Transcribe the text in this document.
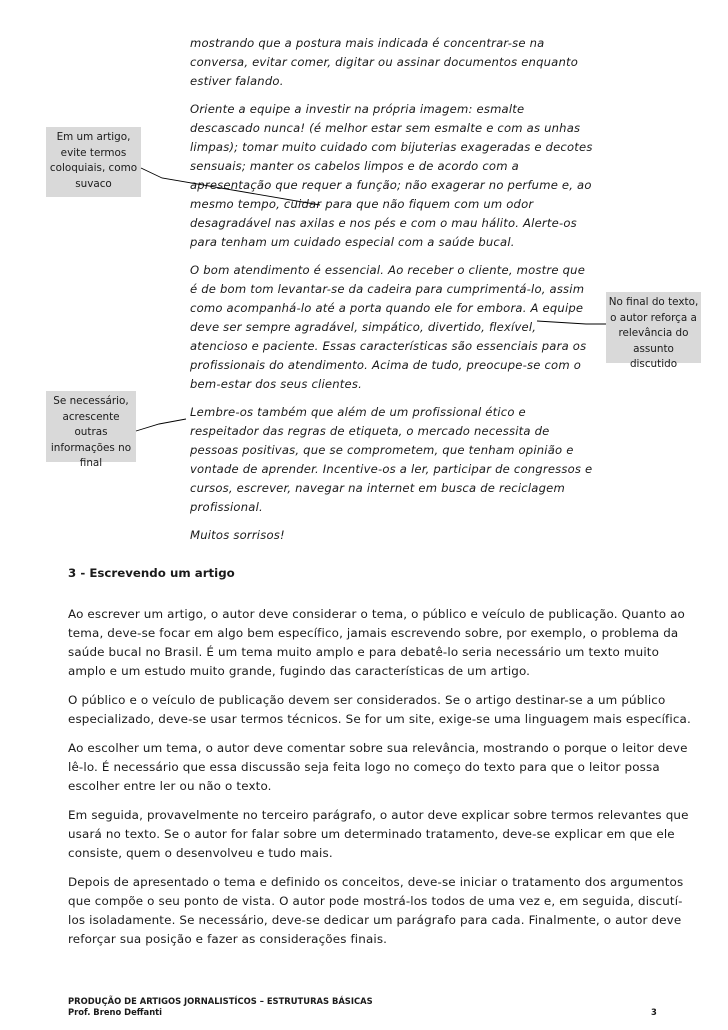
mostrando que a postura mais indicada é concentrar-se na conversa, evitar comer, digitar ou assinar documentos enquanto estiver falando.

Oriente a equipe a investir na própria imagem: esmalte descascado nunca! (é melhor estar sem esmalte e com as unhas limpas); tomar muito cuidado com bijuterias exageradas e decotes sensuais; manter os cabelos limpos e de acordo com a apresentação que requer a função; não exagerar no perfume e, ao mesmo tempo, cuidar para que não fiquem com um odor desagradável nas axilas e nos pés e com o mau hálito. Alerte-os para tenham um cuidado especial com a saúde bucal.

O bom atendimento é essencial. Ao receber o cliente, mostre que é de bom tom levantar-se da cadeira para cumprimentá-lo, assim como acompanhá-lo até a porta quando ele for embora. A equipe deve ser sempre agradável, simpático, divertido, flexível, atencioso e paciente. Essas características são essenciais para os profissionais do atendimento. Acima de tudo, preocupe-se com o bem-estar dos seus clientes.

Lembre-os também que além de um profissional ético e respeitador das regras de etiqueta, o mercado necessita de pessoas positivas, que se comprometem, que tenham opinião e vontade de aprender. Incentive-os a ler, participar de congressos e cursos, escrever, navegar na internet em busca de reciclagem profissional.

Muitos sorrisos!

Em um artigo, evite termos coloquiais, como suvaco
Se necessário, acrescente outras informações no final
No final do texto, o autor reforça a relevância do assunto discutido
3 - Escrevendo um artigo

Ao escrever um artigo, o autor deve considerar o tema, o público e veículo de publicação. Quanto ao tema, deve-se focar em algo bem específico, jamais escrevendo sobre, por exemplo, o problema da saúde bucal no Brasil. É um tema muito amplo e para debatê-lo seria necessário um texto muito amplo e um estudo muito grande, fugindo das características de um artigo.

O público e o veículo de publicação devem ser considerados. Se o artigo destinar-se a um público especializado, deve-se usar termos técnicos. Se for um site, exige-se uma linguagem mais específica.

Ao escolher um tema, o autor deve comentar sobre sua relevância, mostrando o porque o leitor deve lê-lo. É necessário que essa discussão seja feita logo no começo do texto para que o leitor possa escolher entre ler ou não o texto.

Em seguida, provavelmente no terceiro parágrafo, o autor deve explicar sobre termos relevantes que usará no texto. Se o autor for falar sobre um determinado tratamento, deve-se explicar em que ele consiste, quem o desenvolveu e tudo mais.

Depois de apresentado o tema e definido os conceitos, deve-se iniciar o tratamento dos argumentos que compõe o seu ponto de vista. O autor pode mostrá-los todos de uma vez e, em seguida, discutí-los isoladamente. Se necessário, deve-se dedicar um parágrafo para cada. Finalmente, o autor deve reforçar sua posição e fazer as considerações finais.

PRODUÇÃO DE ARTIGOS JORNALISTÍCOS – ESTRUTURAS BÁSICAS
Prof. Breno Deffanti	3
